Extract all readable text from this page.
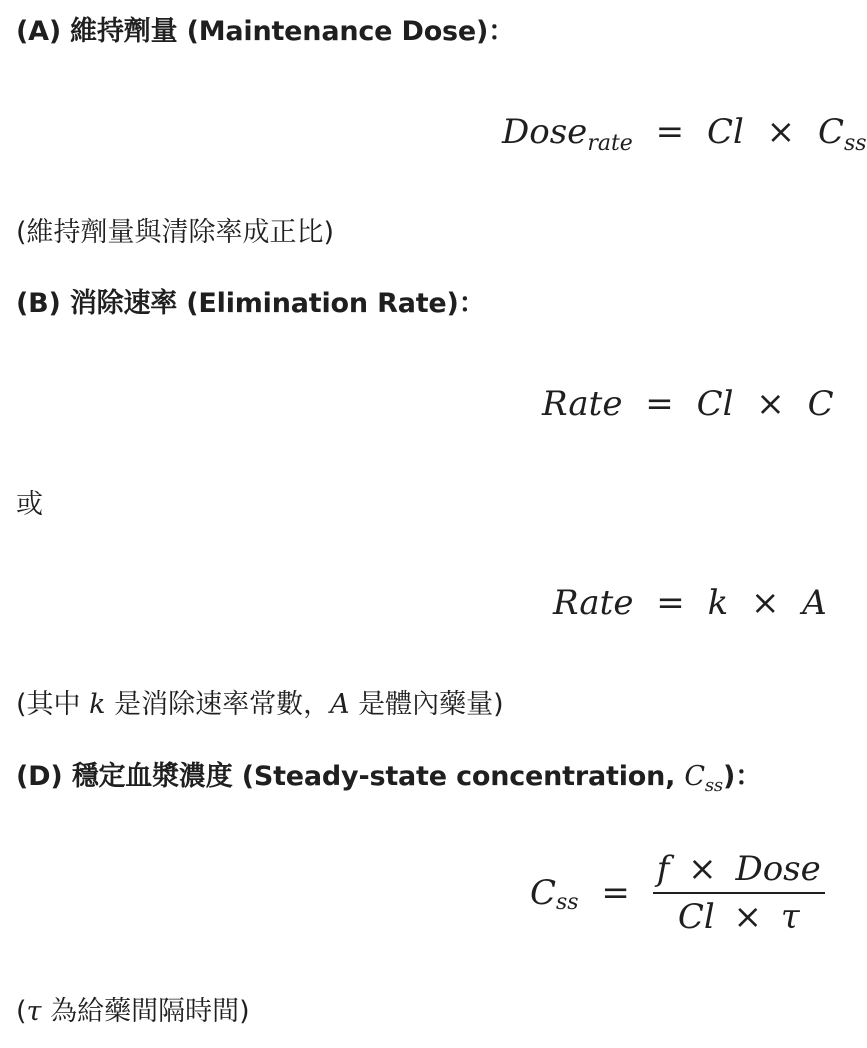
(A) 維持劑量 (Maintenance Dose)：
Dose$_{rate}$ = $Cl \times C_{ss}$
(維持劑量與清除率成正比)
(B) 消除速率 (Elimination Rate)：
Rate = Cl × C
或
Rate = k × A
(其中 k 是消除速率常數，A 是體內藥量)
(D) 穩定血漿濃度 (Steady-state concentration, $C_{ss}$)：
$C_{ss} = \frac{\text{f × Dose}}{Cl \times \tau}$
(τ 為給藥間隔時間)
